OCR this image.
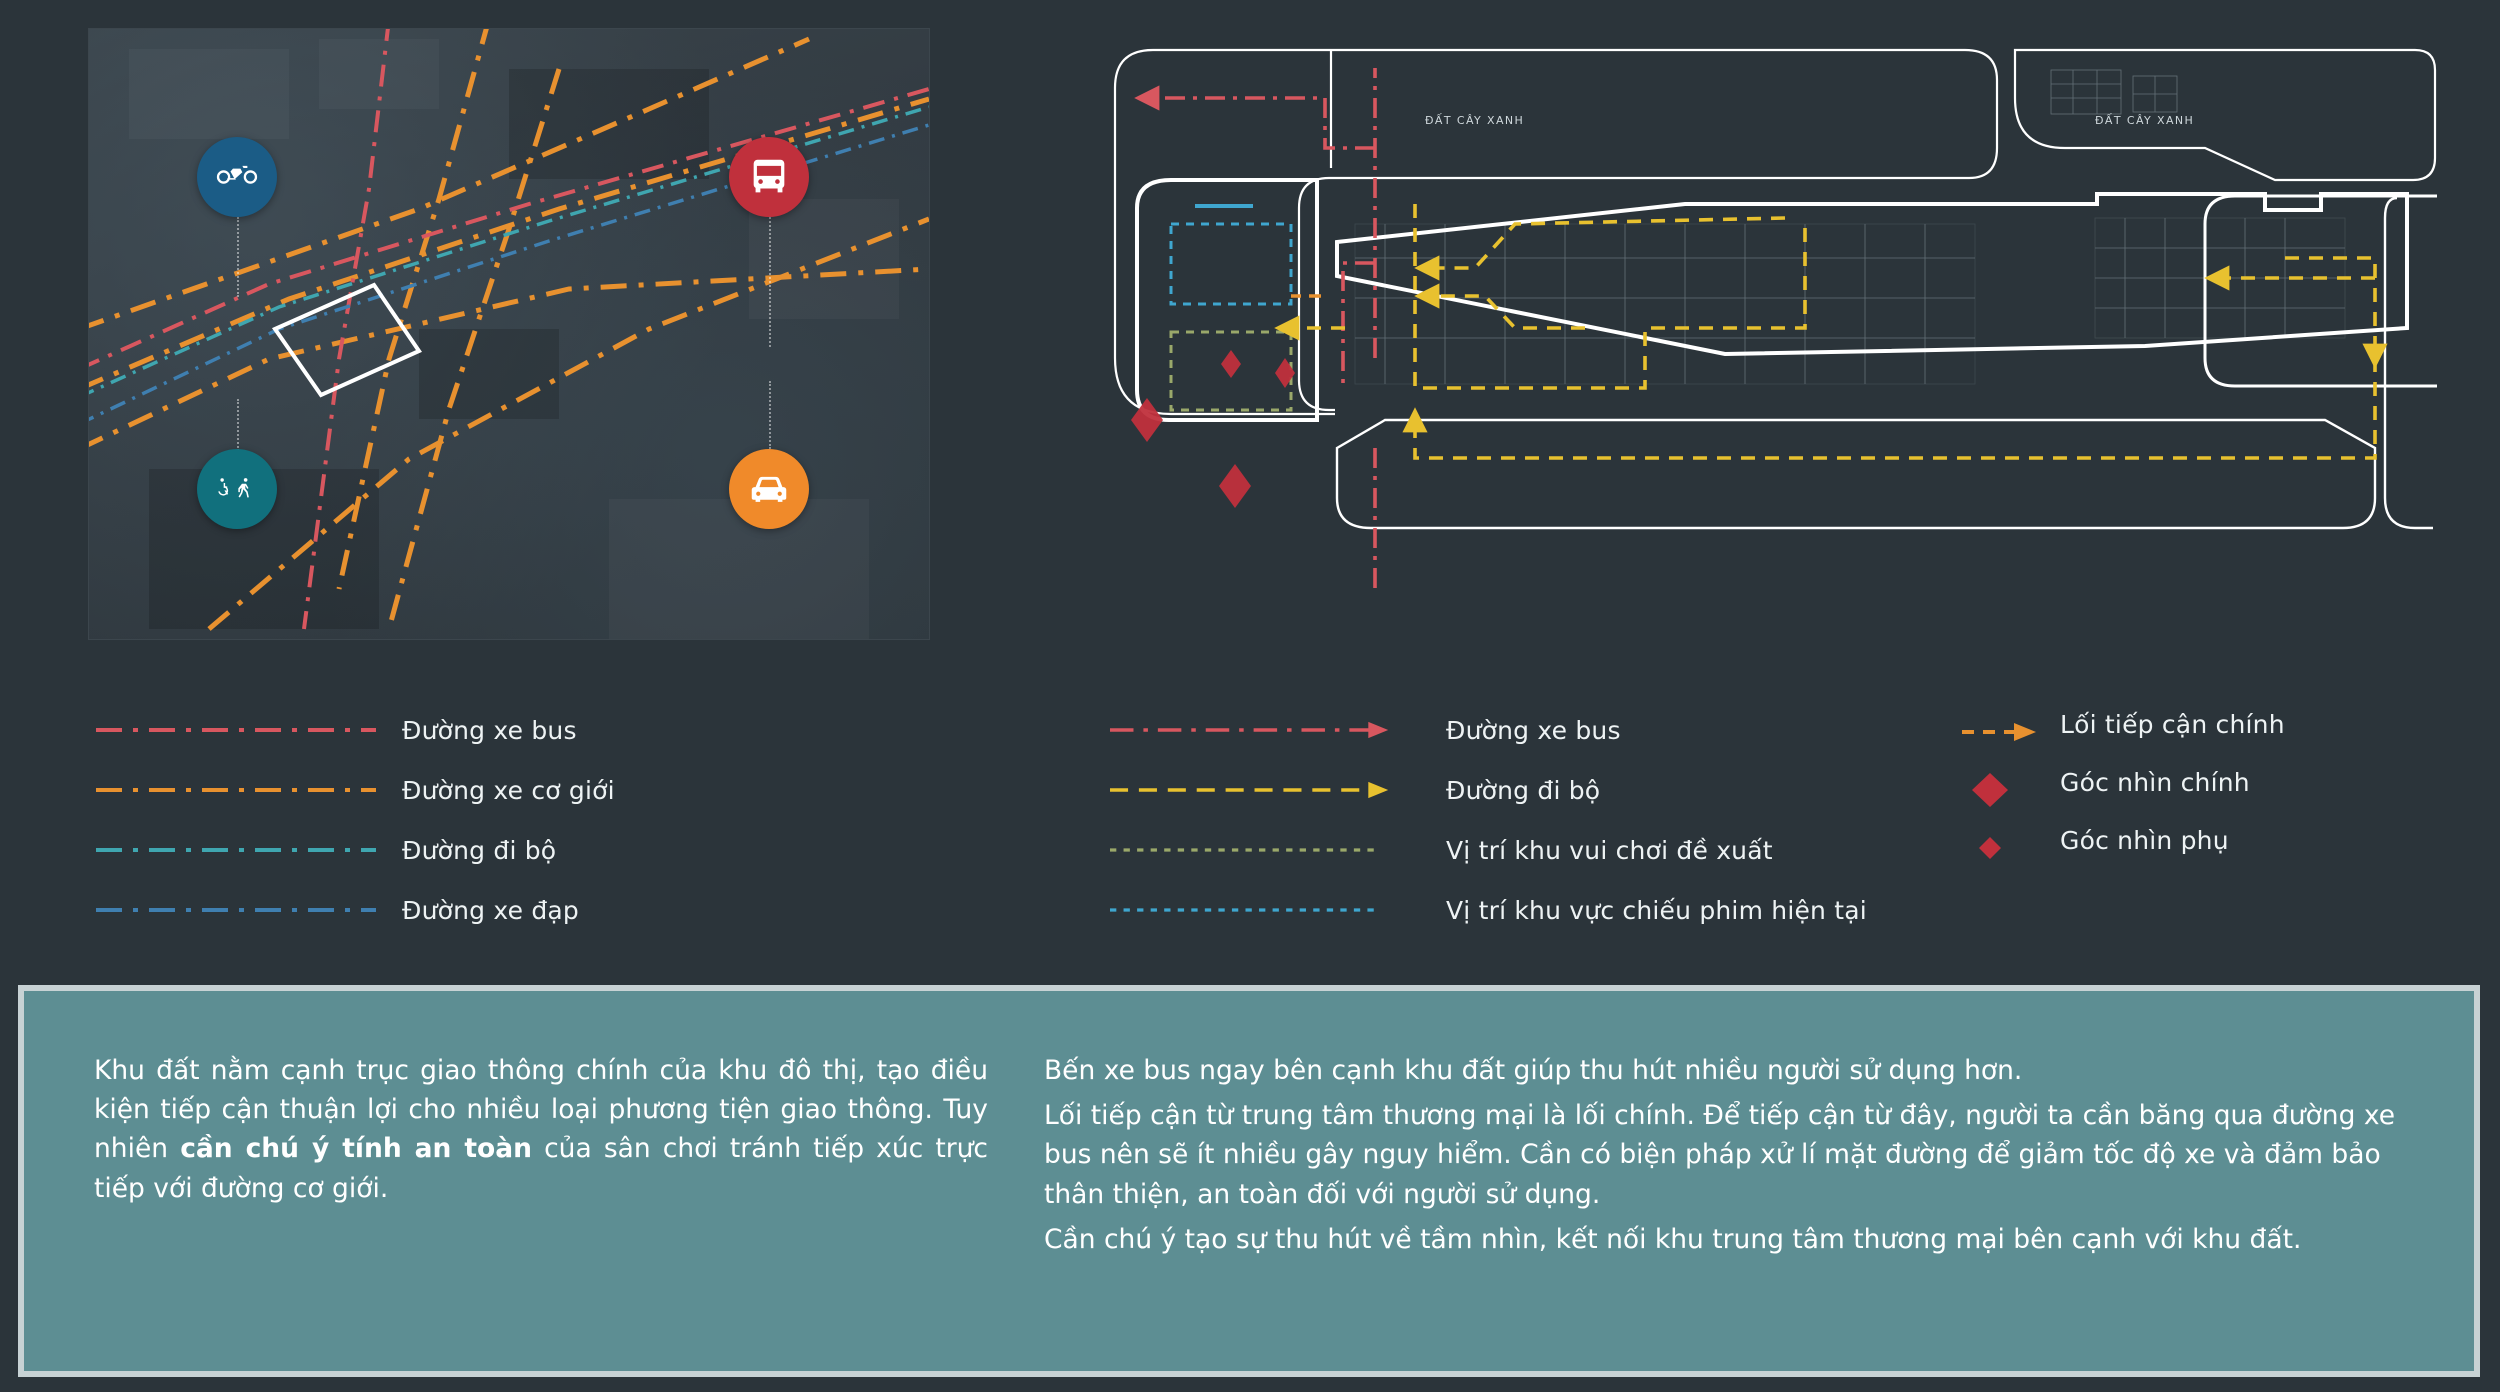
ĐẤT CÂY XANH	ĐẤT CÂY XANH
Đường xe bus
Đường xe cơ giới
Đường đi bộ
Đường xe đạp
Đường xe bus
Đường đi bộ
Vị trí khu vui chơi đề xuất
Vị trí khu vực chiếu phim hiện tại
Lối tiếp cận chính
Góc nhìn chính
Góc nhìn phụ

Khu đất nằm cạnh trục giao thông chính của khu đô thị, tạo điều kiện tiếp cận thuận lợi cho nhiều loại phương tiện giao thông. Tuy nhiên cần chú ý tính an toàn của sân chơi tránh tiếp xúc trực tiếp với đường cơ giới.

Bến xe bus ngay bên cạnh khu đất giúp thu hút nhiều người sử dụng hơn.

Lối tiếp cận từ trung tâm thương mại là lối chính. Để tiếp cận từ đây, người ta cần băng qua đường xe bus nên sẽ ít nhiều gây nguy hiểm. Cần có biện pháp xử lí mặt đường để giảm tốc độ xe và đảm bảo thân thiện, an toàn đối với người sử dụng.

Cần chú ý tạo sự thu hút về tầm nhìn, kết nối khu trung tâm thương mại bên cạnh với khu đất.
